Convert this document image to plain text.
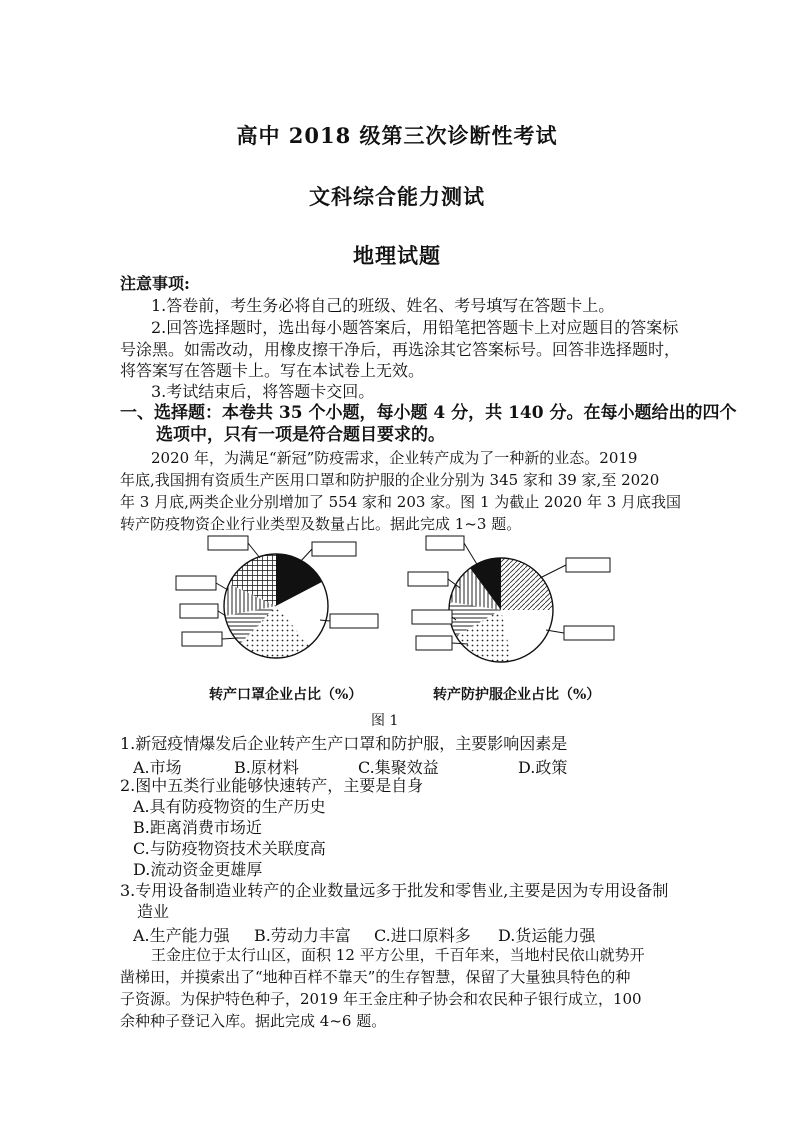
高中 2018 级第三次诊断性考试
文科综合能力测试
地理试题
注意事项:
1.答卷前，考生务必将自己的班级、姓名、考号填写在答题卡上。
2.回答选择题时，选出每小题答案后，用铅笔把答题卡上对应题目的答案标
号涂黑。如需改动，用橡皮擦干净后，再选涂其它答案标号。回答非选择题时，
将答案写在答题卡上。写在本试卷上无效。
3.考试结束后，将答题卡交回。
一、选择题：本卷共 35 个小题，每小题 4 分，共 140 分。在每小题给出的四个
选项中，只有一项是符合题目要求的。
2020 年，为满足“新冠”防疫需求，企业转产成为了一种新的业态。2019
年底,我国拥有资质生产医用口罩和防护服的企业分别为 345 家和 39 家,至 2020
年 3 月底,两类企业分别增加了 554 家和 203 家。图 1 为截止 2020 年 3 月底我国
转产防疫物资企业行业类型及数量占比。据此完成 1~3 题。
转产口罩企业占比（%）	转产防护服企业占比（%）
图 1
1.新冠疫情爆发后企业转产生产口罩和防护服，主要影响因素是
A.市场	B.原材料	C.集聚效益	D.政策
2.图中五类行业能够快速转产，主要是自身
A.具有防疫物资的生产历史
B.距离消费市场近
C.与防疫物资技术关联度高
D.流动资金更雄厚
3.专用设备制造业转产的企业数量远多于批发和零售业,主要是因为专用设备制
造业
A.生产能力强 B.劳动力丰富 C.进口原料多 D.货运能力强
王金庄位于太行山区，面积 12 平方公里，千百年来，当地村民依山就势开
凿梯田，并摸索出了“地种百样不靠天”的生存智慧，保留了大量独具特色的种
子资源。为保护特色种子，2019 年王金庄种子协会和农民种子银行成立，100
余种种子登记入库。据此完成 4~6 题。
